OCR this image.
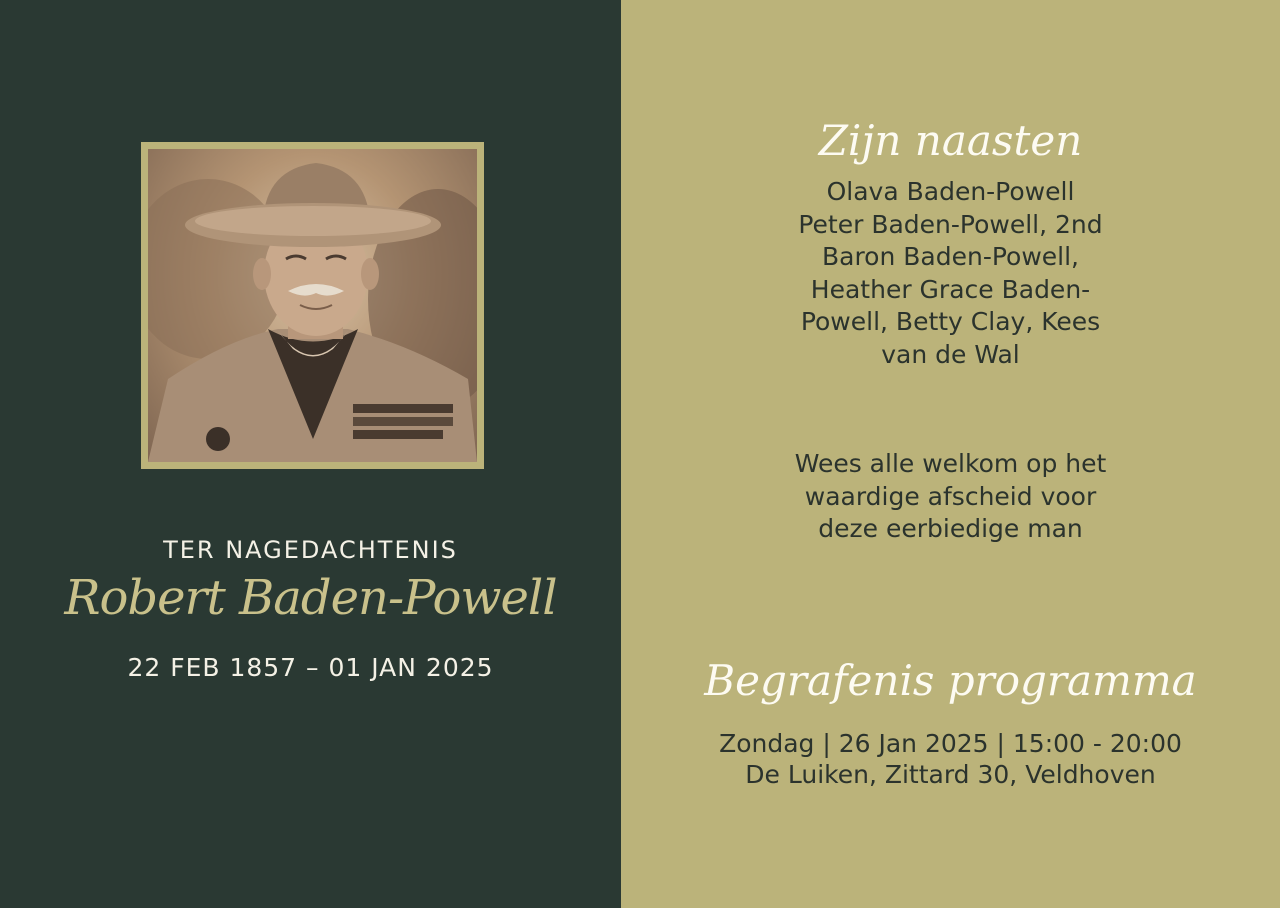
TER NAGEDACHTENIS
Robert Baden-Powell
22 FEB 1857 – 01 JAN 2025
Zijn naasten
Olava Baden-Powell
Peter Baden-Powell, 2nd
Baron Baden-Powell,
Heather Grace Baden-
Powell, Betty Clay, Kees
van de Wal
Wees alle welkom op het
waardige afscheid voor
deze eerbiedige man
Begrafenis programma
Zondag | 26 Jan 2025 | 15:00 - 20:00
De Luiken, Zittard 30, Veldhoven
